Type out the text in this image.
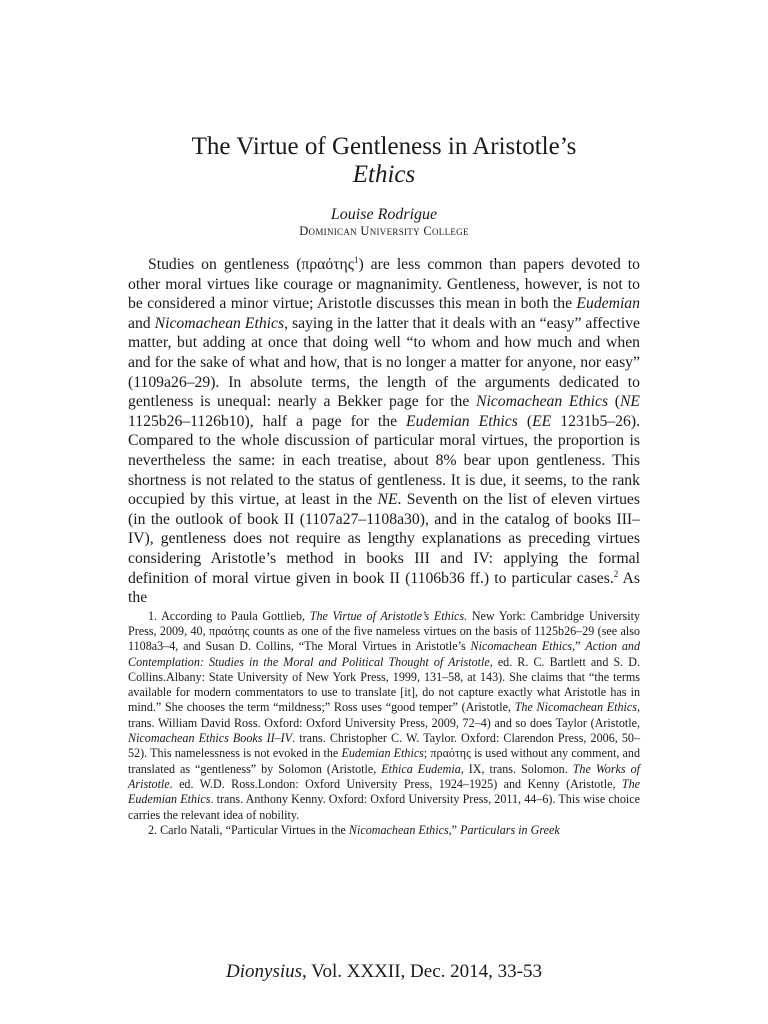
The Virtue of Gentleness in Aristotle’s
Ethics
Louise Rodrigue
Dominican University College

Studies on gentleness (πραότης$^1$) are less common than papers devoted to other moral virtues like courage or magnanimity. Gentleness, however, is not to be considered a minor virtue; Aristotle discusses this mean in both the Eudemian and Nicomachean Ethics, saying in the latter that it deals with an “easy” affective matter, but adding at once that doing well “to whom and how much and when and for the sake of what and how, that is no longer a matter for anyone, nor easy” (1109a26–29). In absolute terms, the length of the arguments dedicated to gentleness is unequal: nearly a Bekker page for the Nicomachean Ethics (NE 1125b26–1126b10), half a page for the Eudemian Ethics (EE 1231b5–26). Compared to the whole discussion of particular moral virtues, the proportion is nevertheless the same: in each treatise, about 8% bear upon gentleness. This shortness is not related to the status of gentleness. It is due, it seems, to the rank occupied by this virtue, at least in the NE. Seventh on the list of eleven virtues (in the outlook of book II (1107a27–1108a30), and in the catalog of books III–IV), gentleness does not require as lengthy explanations as preceding virtues considering Aristotle’s method in books III and IV: applying the formal definition of moral virtue given in book II (1106b36 ff.) to particular cases.$^2$ As the

1. According to Paula Gottlieb, The Virtue of Aristotle’s Ethics. New York: Cambridge University Press, 2009, 40, πραότης counts as one of the five nameless virtues on the basis of 1125b26–29 (see also 1108a3–4, and Susan D. Collins, “The Moral Virtues in Aristotle’s Nicomachean Ethics,” Action and Contemplation: Studies in the Moral and Political Thought of Aristotle, ed. R. C. Bartlett and S. D. Collins.Albany: State University of New York Press, 1999, 131–58, at 143). She claims that “the terms available for modern commentators to use to translate [it], do not capture exactly what Aristotle has in mind.” She chooses the term “mildness;” Ross uses “good temper” (Aristotle, The Nicomachean Ethics, trans. William David Ross. Oxford: Oxford University Press, 2009, 72–4) and so does Taylor (Aristotle, Nicomachean Ethics Books II–IV. trans. Christopher C. W. Taylor. Oxford: Clarendon Press, 2006, 50–52). This namelessness is not evoked in the Eudemian Ethics; πραότης is used without any comment, and translated as “gentleness” by Solomon (Aristotle, Ethica Eudemia, IX, trans. Solomon. The Works of Aristotle. ed. W.D. Ross.London: Oxford University Press, 1924–1925) and Kenny (Aristotle, The Eudemian Ethics. trans. Anthony Kenny. Oxford: Oxford University Press, 2011, 44–6). This wise choice carries the relevant idea of nobility.

2. Carlo Natali, “Particular Virtues in the Nicomachean Ethics,” Particulars in Greek

Dionysius, Vol. XXXII, Dec. 2014, 33-53
